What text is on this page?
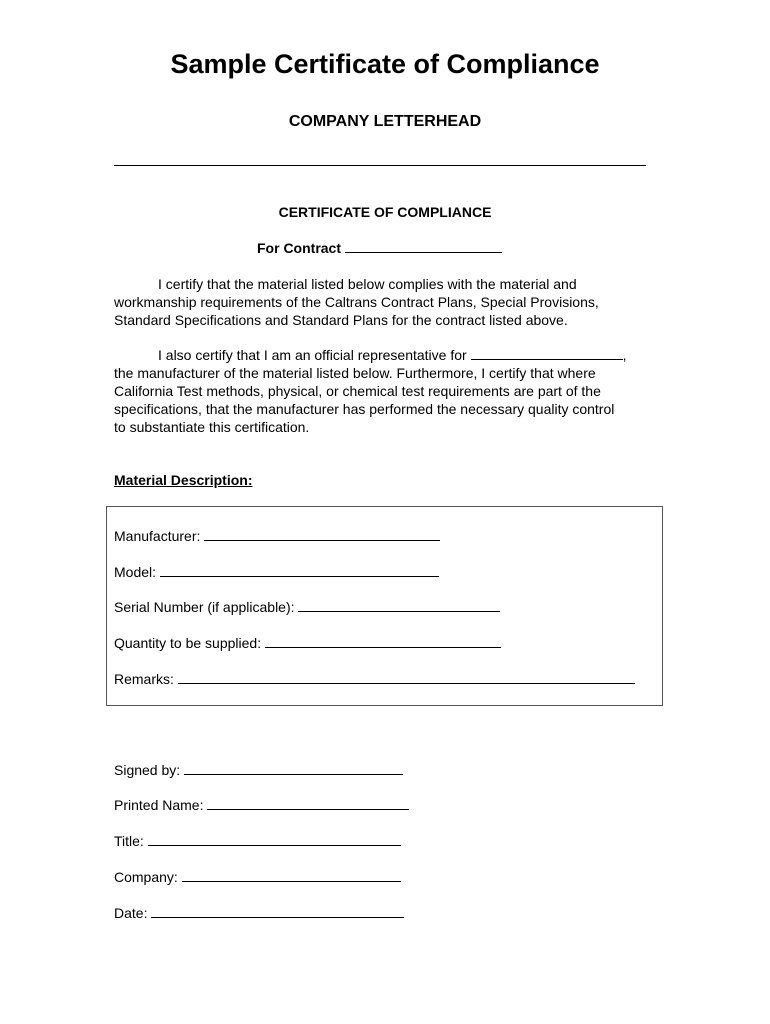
Sample Certificate of Compliance
COMPANY LETTERHEAD
CERTIFICATE OF COMPLIANCE
For Contract
I certify that the material listed below complies with the material and
workmanship requirements of the Caltrans Contract Plans, Special Provisions,
Standard Specifications and Standard Plans for the contract listed above.
I also certify that I am an official representative for	,
the manufacturer of the material listed below. Furthermore, I certify that where
California Test methods, physical, or chemical test requirements are part of the
specifications, that the manufacturer has performed the necessary quality control
to substantiate this certification.
Material Description:
Manufacturer:
Model:
Serial Number (if applicable):
Quantity to be supplied:
Remarks:
Signed by:
Printed Name:
Title:
Company:
Date:
